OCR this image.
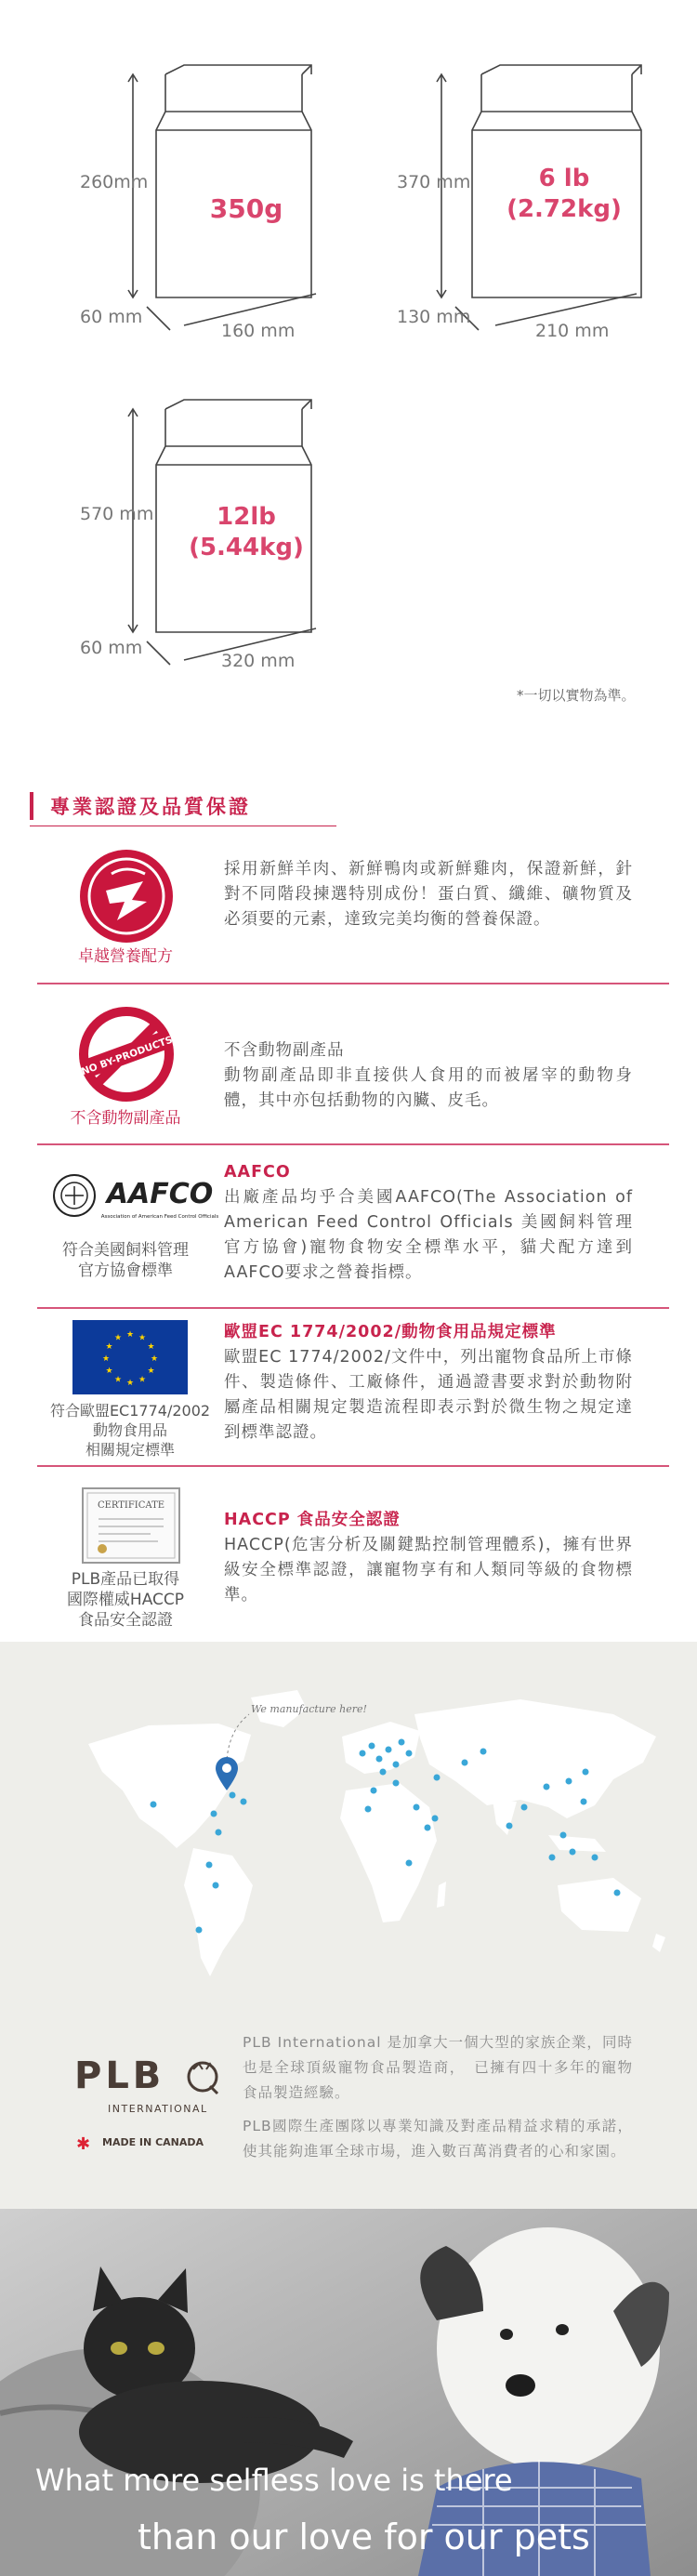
260mm
60 mm
160 mm
350g
370 mm
130 mm
210 mm
6 lb
(2.72kg)
570 mm
60 mm
320 mm
12lb
(5.44kg)
*一切以實物為準。
專業認證及品質保證
卓越營養配方
採用新鮮羊肉、新鮮鴨肉或新鮮雞肉，保證新鮮，針對不同階段揀選特別成份！蛋白質、纖維、礦物質及必須要的元素，達致完美均衡的營養保證。
NO BY-PRODUCTS
不含動物副產品

不含動物副產品
動物副產品即非直接供人食用的而被屠宰的動物身體，其中亦包括動物的內臟、皮毛。

AAFCO
Association of American Feed Control Officials
符合美國飼料管理
官方協會標準
AAFCO
出廠產品均乎合美國AAFCO(The Association of American Feed Control Officials 美國飼料管理官方協會)寵物食物安全標準水平，貓犬配方達到AAFCO要求之營養指標。
★
★
★
★
★
★
★
★
★ ★ ★
★
符合歐盟EC1774/2002
動物食用品
相關規定標準
歐盟EC 1774/2002/動物食用品規定標準
歐盟EC 1774/2002/文件中，列出寵物食品所上市條件、製造條件、工廠條件，通過證書要求對於動物附屬產品相關規定製造流程即表示對於微生物之規定達到標準認證。
CERTIFICATE
PLB產品已取得
國際權威HACCP
食品安全認證
HACCP 食品安全認證
HACCP(危害分析及關鍵點控制管理體系)，擁有世界級安全標準認證，讓寵物享有和人類同等級的食物標準。
We manufacture here!
PLB
INTERNATIONAL
✱ MADE IN CANADA
PLB International 是加拿大一個大型的家族企業，同時也是全球頂級寵物食品製造商，　已擁有四十多年的寵物食品製造經驗。
PLB國際生產團隊以專業知識及對產品精益求精的承諾，使其能夠進軍全球市場，進入數百萬消費者的心和家園。
What more selfless love is there
than our love for our pets
